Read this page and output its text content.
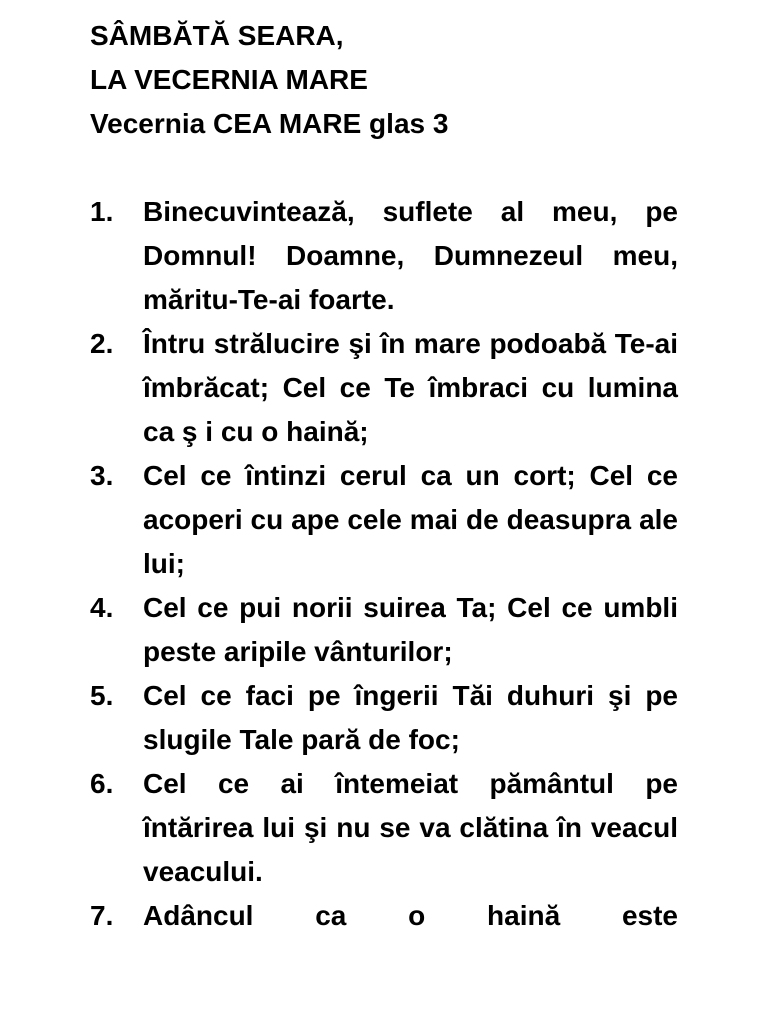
SÂMBĂTĂ SEARA,
LA VECERNIA MARE
Vecernia CEA MARE glas 3
1. Binecuvintează, suflete al meu, pe Domnul! Doamne, Dumnezeul meu, măritu-Te-ai foarte.
2. Întru strălucire şi în mare podoabă Te-ai îmbrăcat; Cel ce Te îmbraci cu lumina ca ş i cu o haină;
3. Cel ce întinzi cerul ca un cort; Cel ce acoperi cu ape cele mai de deasupra ale lui;
4. Cel ce pui norii suirea Ta; Cel ce umbli peste aripile vânturilor;
5. Cel ce faci pe îngerii Tăi duhuri şi pe slugile Tale pară de foc;
6. Cel ce ai întemeiat pământul pe întărirea lui şi nu se va clătina în veacul veacului.
7. Adâncul ca o haină este
